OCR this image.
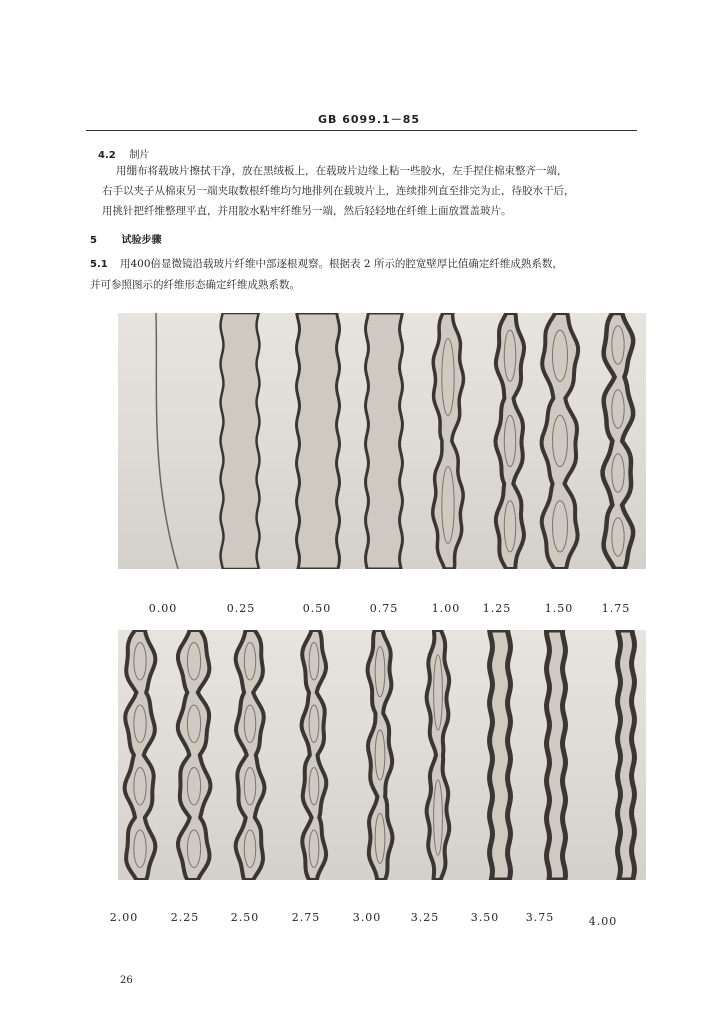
GB 6099.1－85
4.2 制片
用绷布将载玻片擦拭干净，放在黑绒板上，在载玻片边缘上粘一些胶水，左手捏住棉束整齐一端，
右手以夹子从棉束另一端夹取数根纤维均匀地排列在载玻片上，连续排列直至排完为止，待胶水干后，
用挑针把纤维整理平直，并用胶水粘牢纤维另一端，然后轻轻地在纤维上面放置盖玻片。
5 试验步骤
5.1 用400倍显微镜沿载玻片纤维中部逐根观察。根据表 2 所示的腔宽壁厚比值确定纤维成熟系数，
并可参照图示的纤维形态确定纤维成熟系数。
0.00	0.25	0.50	0.75	1.00 1.25	1.50	1.75
2.00	2.25	2.50	2.75	3.00	3.25	3.50 3.75	4.00
26
